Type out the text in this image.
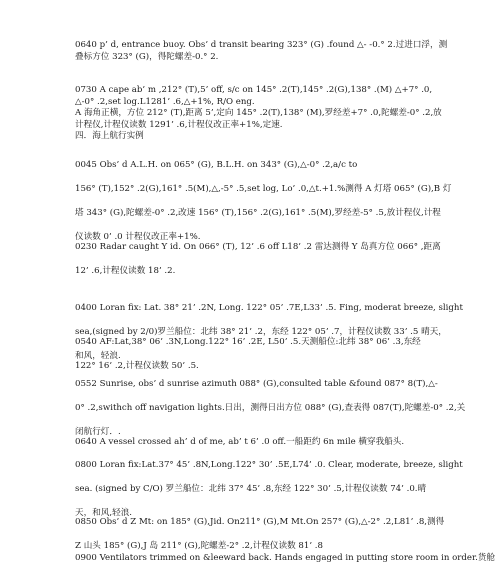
0640 p’ d, entrance buoy. Obs’ d transit bearing 323° (G) .found △- -0.° 2.过进口浮，测
叠标方位 323° (G)，得陀螺差-0.° 2.

0730 A cape ab’ m ,212° (T),5’ off, s/c on 145° .2(T),145° .2(G),138° .(M) △+7° .0,
△-0° .2,set log.L1281’ .6,△+1%, R/O eng.
A 海角正横，方位 212° (T),距离 5’,定向 145° .2(T),138° (M),罗经差+7° .0,陀螺差-0° .2,放
计程仪,计程仪读数 1291’ .6,计程仪改正率+1%,定速.
四．海上航行实例

0045 Obs’ d A.L.H. on 065° (G), B.L.H. on 343° (G),△-0° .2,a/c to
156° (T),152° .2(G),161° .5(M),△,-5° .5,set log, Lo’ .0,△t.+1.%测得 A 灯塔 065° (G),B 灯
塔 343° (G),陀螺差-0° .2,改速 156° (T),156° .2(G),161° .5(M),罗经差-5° .5,放计程仪,计程
仪读数 0’ .0 计程仪改正率+1%.

0230 Radar caught Y id. On 066° (T), 12’ .6 off L18’ .2 雷达测得 Y 岛真方位 066° ,距离
12’ .6,计程仪读数 18’ .2.

0400 Loran fix: Lat. 38° 21’ .2N, Long. 122° 05’ .7E,L33’ .5. Fing, moderat breeze, slight
sea,(signed by 2/0)罗兰船位：北纬 38° 21’ .2，东经 122° 05’ .7，计程仪读数 33’ .5 晴天，
和风，轻浪.

0540 AF:Lat,38° 06’ .3N,Long.122° 16’ .2E, L50’ .5.天测船位:北纬 38° 06’ .3,东经
122° 16’ .2,计程仪读数 50’ .5.

0552 Sunrise, obs’ d sunrise azimuth 088° (G),consulted table &found 087° 8(T),△-
0° .2,swithch off navigation lights.日出，测得日出方位 088° (G),查表得 087(T),陀螺差-0° .2,关
闭航行灯．.

0640 A vessel crossed ah’ d of me, ab’ t 6’ .0 off.一船距约 6n mile 横穿我船头.

0800 Loran fix:Lat.37° 45’ .8N,Long.122° 30’ .5E,L74’ .0. Clear, moderate, breeze, slight
sea. (signed by C/O) 罗兰船位：北纬 37° 45’ .8,东经 122° 30’ .5,计程仪读数 74’ .0.晴
天，和风,轻浪.

0850 Obs’ d Z Mt: on 185° (G),Jid. On211° (G),M Mt.On 257° (G),△-2° .2,L81’ .8,测得
Z 山头 185° (G),J 岛 211° (G),陀螺差-2° .2,计程仪读数 81’ .8

0900 Ventilators trimmed on &leeward back. Hands engaged in putting store room in order.货舱
